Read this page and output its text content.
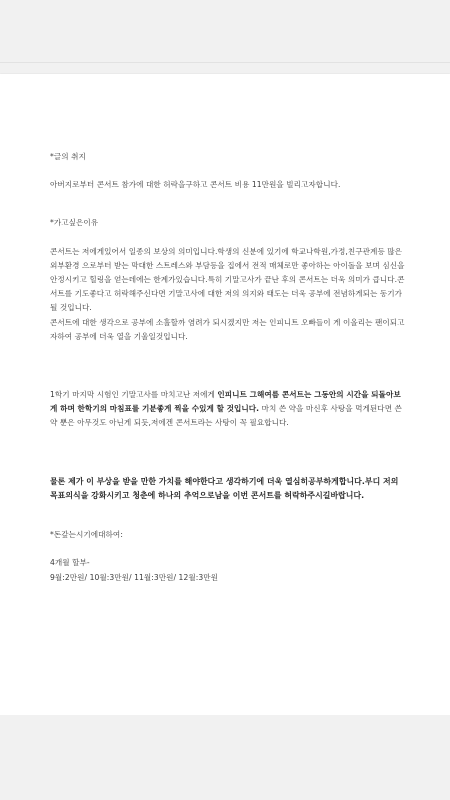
*글의 취지

아버지로부터 콘서트 참가에 대한 허락을구하고 콘서트 비용 11만원을 빌리고자합니다.

*가고싶은이유

콘서트는 저에게있어서 일종의 보상의 의미입니다.학생의 신분에 있기에 학교나학원,가정,친구관계등 많은 외부환경 으로부터 받는 막대한 스트레스와 부담등을 집에서 전적 매체로만 좋아하는 아이돌을 보며 심신을 안정시키고 힐링을 얻는데에는 한계가있습니다.특히 기말고사가 끝난 후의 콘서트는 더욱 의미가 큽니다.콘서트를 기도좋다고 허락해주신다면 기말고사에 대한 저의 의지와 태도는 더욱 공부에 전념하게되는 동기가 될 것입니다.

콘서트에 대한 생각으로 공부에 소홀할까 염려가 되시겠지만 저는 인피니트 오빠들이 게 이올리는 팬이되고자하여 공부에 더욱 열을 기울일것입니다.

1학기 마지막 시험인 기말고사를 마치고난 저에게 인피니트 그해여름 콘서트는 그동안의 시간을 되돌아보게 하며 한학기의 마침표를 기분좋게 찍을 수있게 할 것입니다. 마치 쓴 약을 마신후 사탕을 먹게된다면 쓴 약 뿐은 아무것도 아닌게 되듯,저에겐 콘서트라는 사탕이 꼭 필요합니다.

물론 제가 이 부상을 받을 만한 가치를 해야한다고 생각하기에 더욱 열심히공부하게합니다.부디 저의 목표의식을 강화시키고 청춘에 하나의 추억으로남을 이번 콘서트를 허락하주시길바랍니다.

*돈갚는시기에대하여:

4개월 할부-

9월:2만원/ 10월:3만원/ 11월:3만원/ 12월:3만원
